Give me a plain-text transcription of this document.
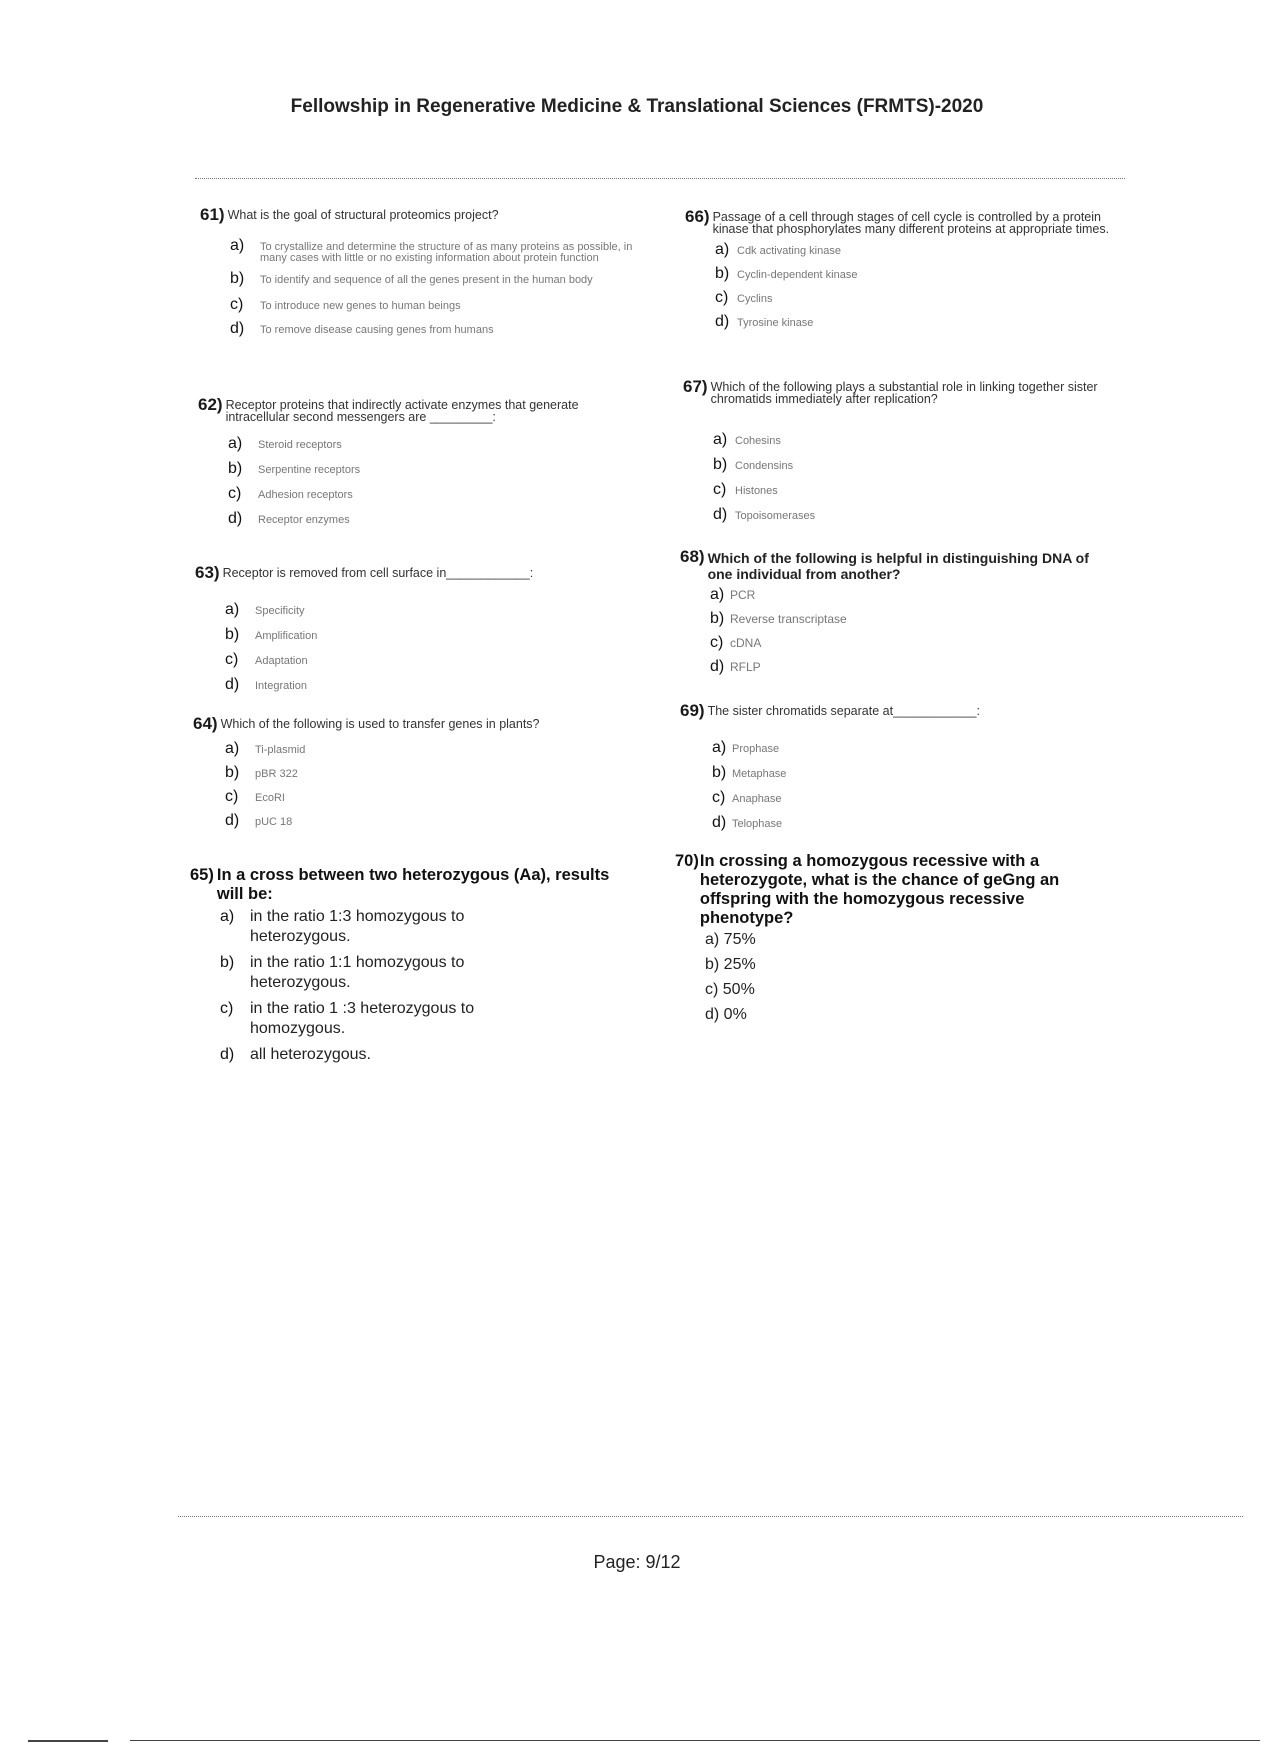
Fellowship in Regenerative Medicine & Translational Sciences (FRMTS)-2020
61) What is the goal of structural proteomics project?
a)	To crystallize and determine the structure of as many proteins as possible, in many cases with little or no existing information about protein function
b)	To identify and sequence of all the genes present in the human body
c)	To introduce new genes to human beings
d)	To remove disease causing genes from humans
62) Receptor proteins that indirectly activate enzymes that generate intracellular second messengers are _________:
a)	Steroid receptors
b)	Serpentine receptors
c)	Adhesion receptors
d)	Receptor enzymes
63) Receptor is removed from cell surface in____________:
a)	Specificity
b)	Amplification
c)	Adaptation
d)	Integration
64) Which of the following is used to transfer genes in plants?
a)	Ti-plasmid
b)	pBR 322
c)	EcoRI
d)	pUC 18
65) In a cross between two heterozygous (Aa), results will be:
a) in the ratio 1:3 homozygous to heterozygous.
b) in the ratio 1:1 homozygous to heterozygous.
c)	in the ratio 1 :3 heterozygous to homozygous.
d) all heterozygous.
66) Passage of a cell through stages of cell cycle is controlled by a protein kinase that phosphorylates many different proteins at appropriate times.
a) Cdk activating kinase
b) Cyclin-dependent kinase
c) Cyclins
d) Tyrosine kinase
67) Which of the following plays a substantial role in linking together sister chromatids immediately after replication?
a) Cohesins
b) Condensins
c) Histones
d) Topoisomerases
68) Which of the following is helpful in distinguishing DNA of one individual from another?
a) PCR
b) Reverse transcriptase
c) cDNA
d) RFLP
69) The sister chromatids separate at____________:
a) Prophase
b) Metaphase
c) Anaphase
d) Telophase
70) In crossing a homozygous recessive with a heterozygote, what is the chance of geGng an offspring with the homozygous recessive phenotype?
a) 75%
b) 25%
c) 50%
d) 0%
Page: 9/12
